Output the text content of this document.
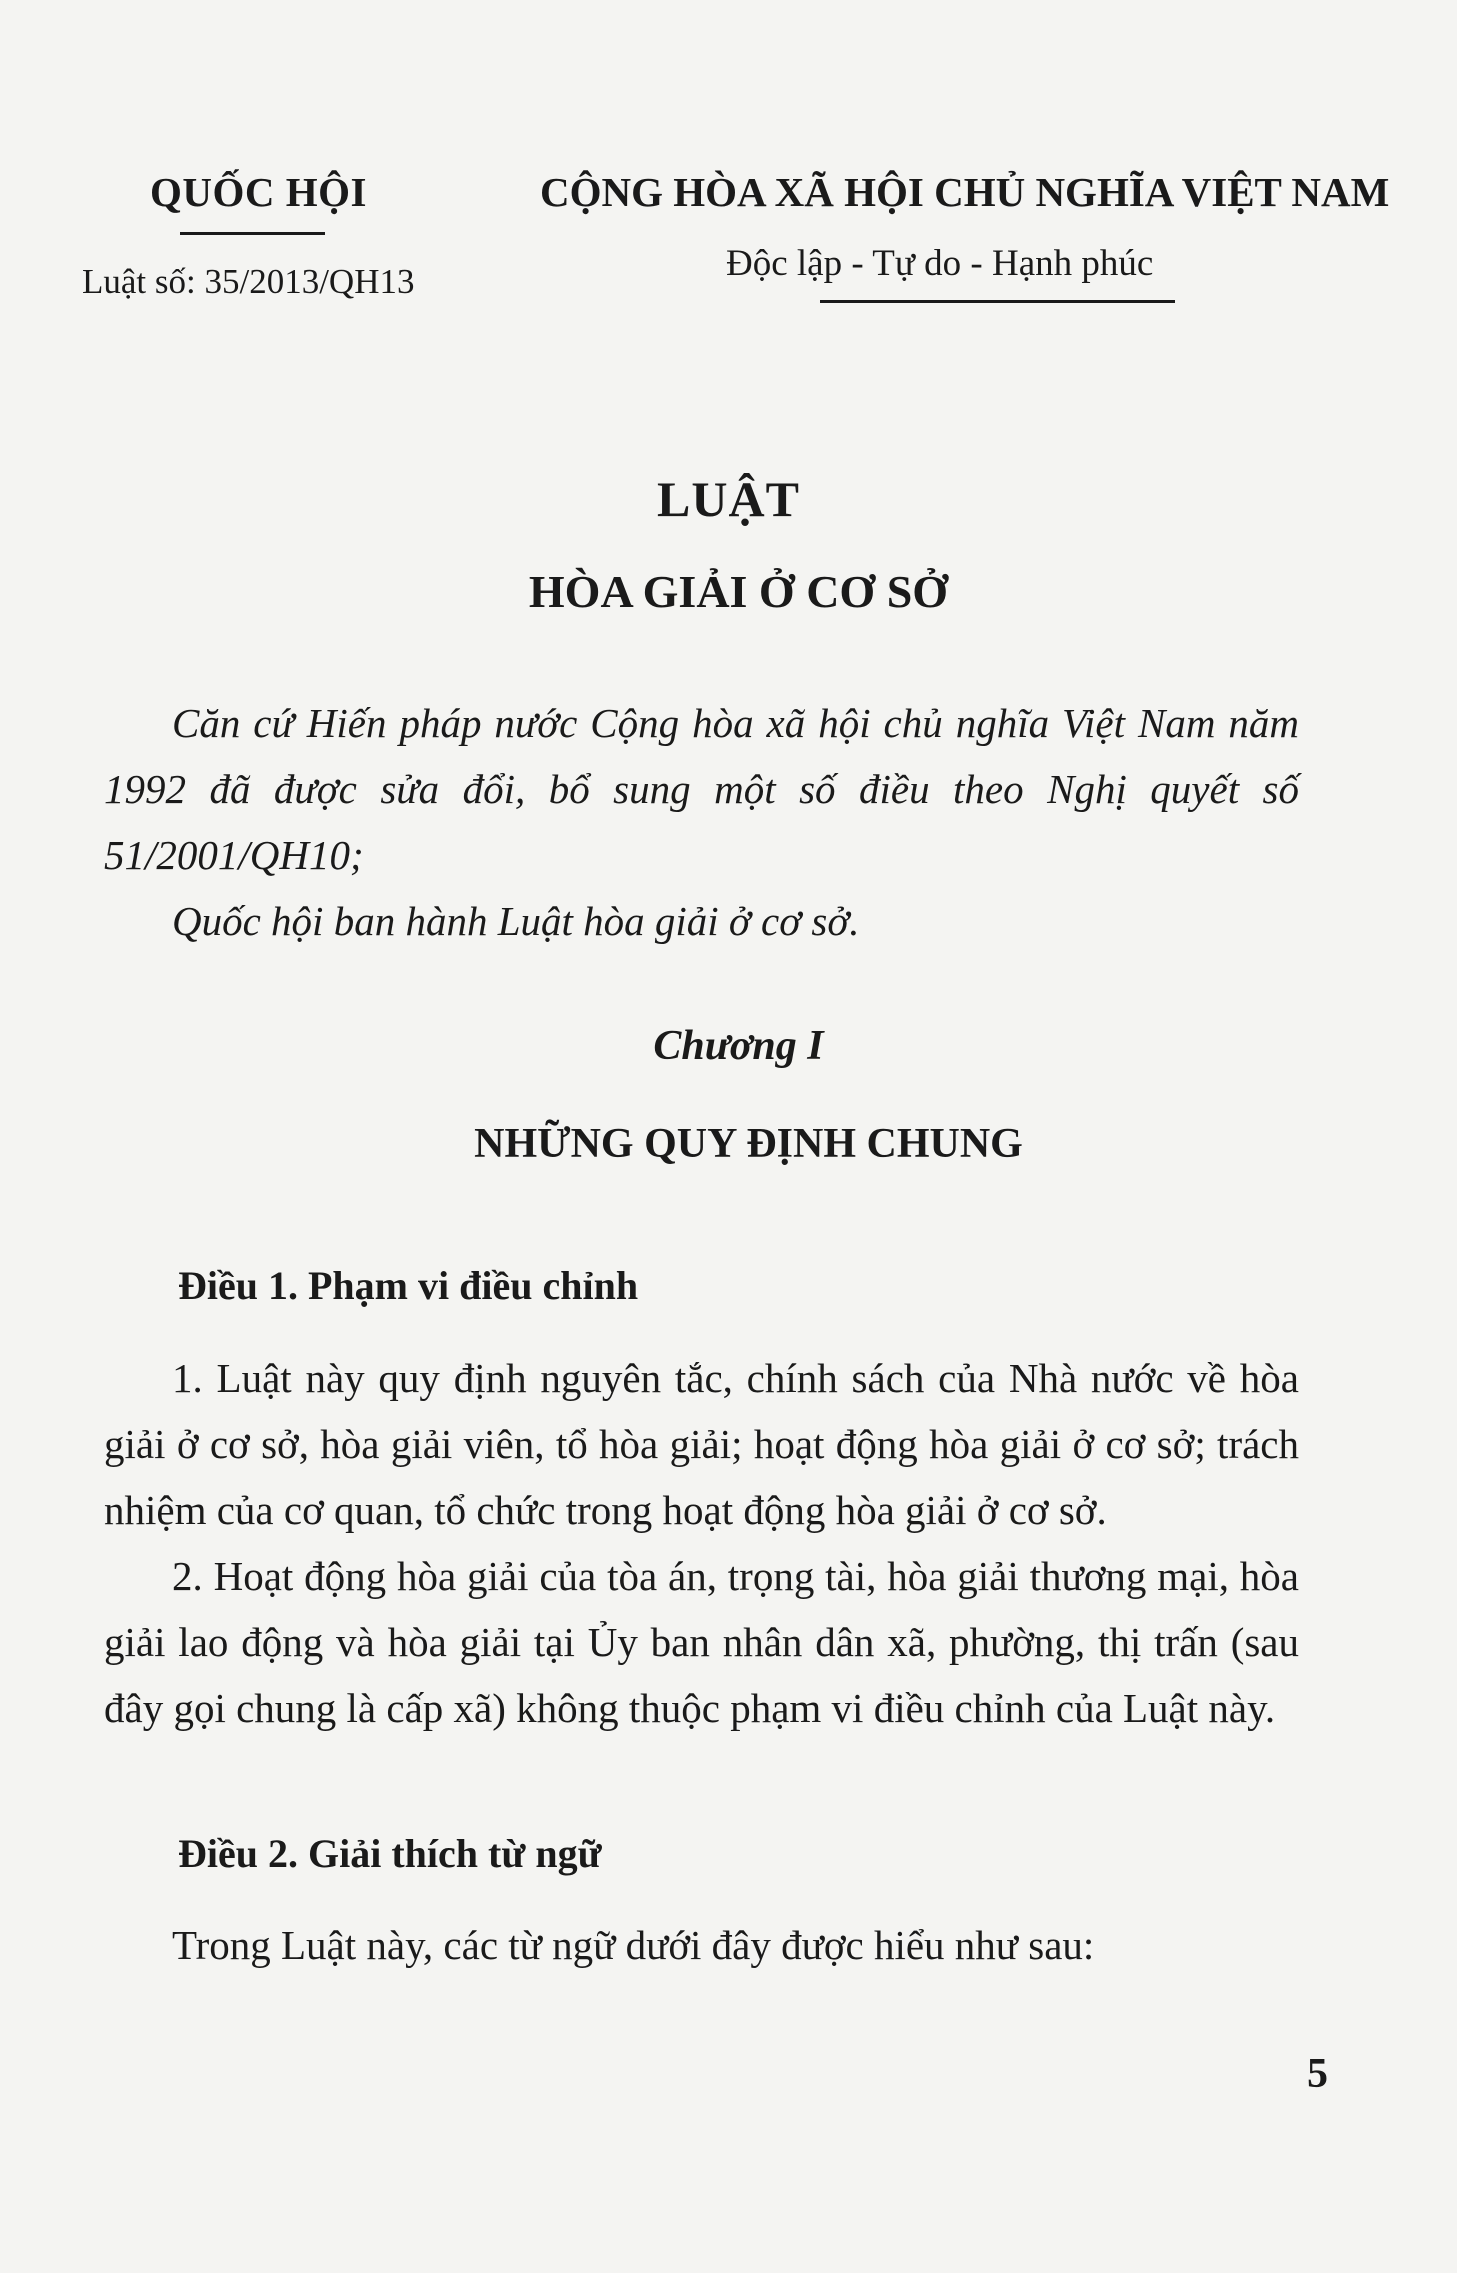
QUỐC HỘI
Luật số: 35/2013/QH13
CỘNG HÒA XÃ HỘI CHỦ NGHĨA VIỆT NAM
Độc lập - Tự do - Hạnh phúc
LUẬT
HÒA GIẢI Ở CƠ SỞ

Căn cứ Hiến pháp nước Cộng hòa xã hội chủ nghĩa Việt Nam năm 1992 đã được sửa đổi, bổ sung một số điều theo Nghị quyết số 51/2001/QH10;

Quốc hội ban hành Luật hòa giải ở cơ sở.

Chương I
NHỮNG QUY ĐỊNH CHUNG
Điều 1. Phạm vi điều chỉnh

1. Luật này quy định nguyên tắc, chính sách của Nhà nước về hòa giải ở cơ sở, hòa giải viên, tổ hòa giải; hoạt động hòa giải ở cơ sở; trách nhiệm của cơ quan, tổ chức trong hoạt động hòa giải ở cơ sở.

2. Hoạt động hòa giải của tòa án, trọng tài, hòa giải thương mại, hòa giải lao động và hòa giải tại Ủy ban nhân dân xã, phường, thị trấn (sau đây gọi chung là cấp xã) không thuộc phạm vi điều chỉnh của Luật này.

Điều 2. Giải thích từ ngữ

Trong Luật này, các từ ngữ dưới đây được hiểu như sau:

5
